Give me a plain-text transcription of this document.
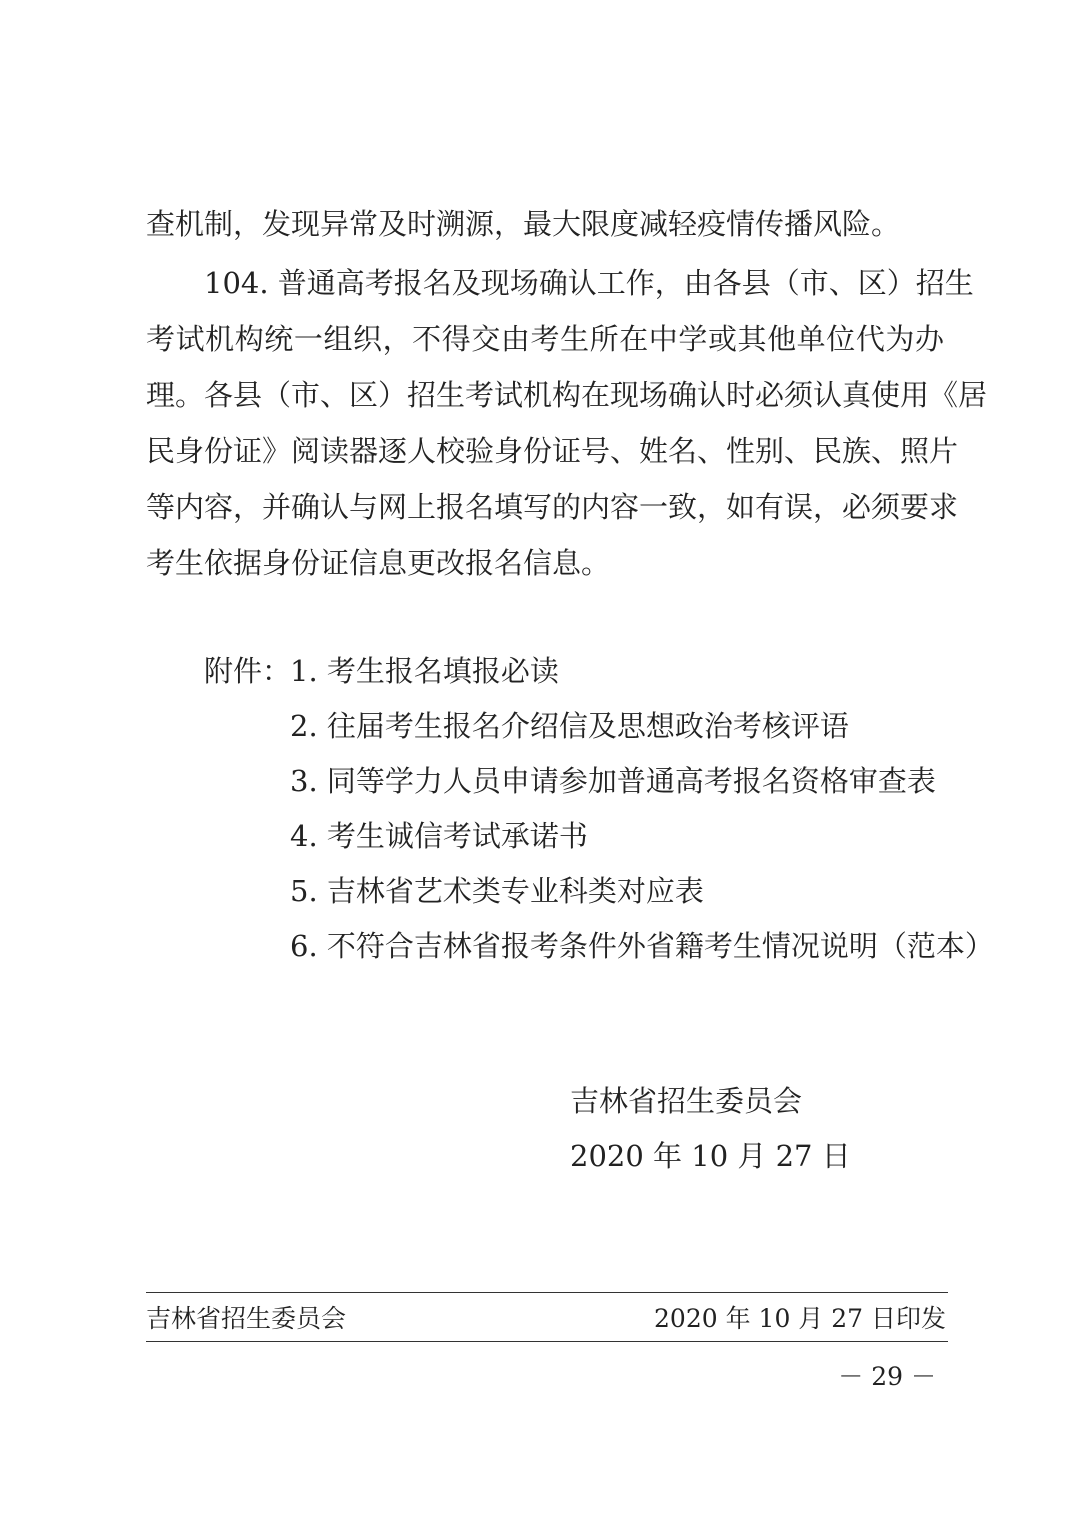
查机制，发现异常及时溯源，最大限度减轻疫情传播风险。
104. 普通高考报名及现场确认工作，由各县（市、区）招生
考试机构统一组织，不得交由考生所在中学或其他单位代为办
理。各县（市、区）招生考试机构在现场确认时必须认真使用《居
民身份证》阅读器逐人校验身份证号、姓名、性别、民族、照片
等内容，并确认与网上报名填写的内容一致，如有误，必须要求
考生依据身份证信息更改报名信息。
附件：
1. 考生报名填报必读
2. 往届考生报名介绍信及思想政治考核评语
3. 同等学力人员申请参加普通高考报名资格审查表
4. 考生诚信考试承诺书
5. 吉林省艺术类专业科类对应表
6. 不符合吉林省报考条件外省籍考生情况说明（范本）
吉林省招生委员会
2020 年 10 月 27 日
吉林省招生委员会	2020 年 10 月 27 日印发
－ 29 －
